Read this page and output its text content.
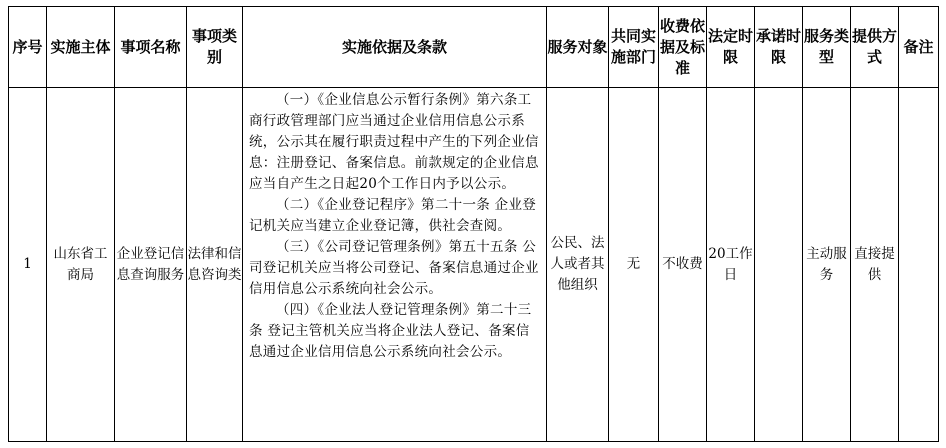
序号	实施主体	事项名称	事项类别	实施依据及条款	服务对象	共同实施部门	收费依据及标准	法定时限	承诺时限	服务类型	提供方式	备注
1	山东省工商局	企业登记信息查询服务	法律和信息咨询类	（一）《企业信息公示暂行条例》第六条工商行政管理部门应当通过企业信用信息公示系统，公示其在履行职责过程中产生的下列企业信息：注册登记、备案信息。前款规定的企业信息应当自产生之日起20个工作日内予以公示。

（二）《企业登记程序》第二十一条 企业登记机关应当建立企业登记簿，供社会查阅。

（三）《公司登记管理条例》第五十五条 公司登记机关应当将公司登记、备案信息通过企业信用信息公示系统向社会公示。

（四）《企业法人登记管理条例》第二十三条 登记主管机关应当将企业法人登记、备案信息通过企业信用信息公示系统向社会公示。	公民、法人或者其他组织	无	不收费	20工作日		主动服务	直接提供	
